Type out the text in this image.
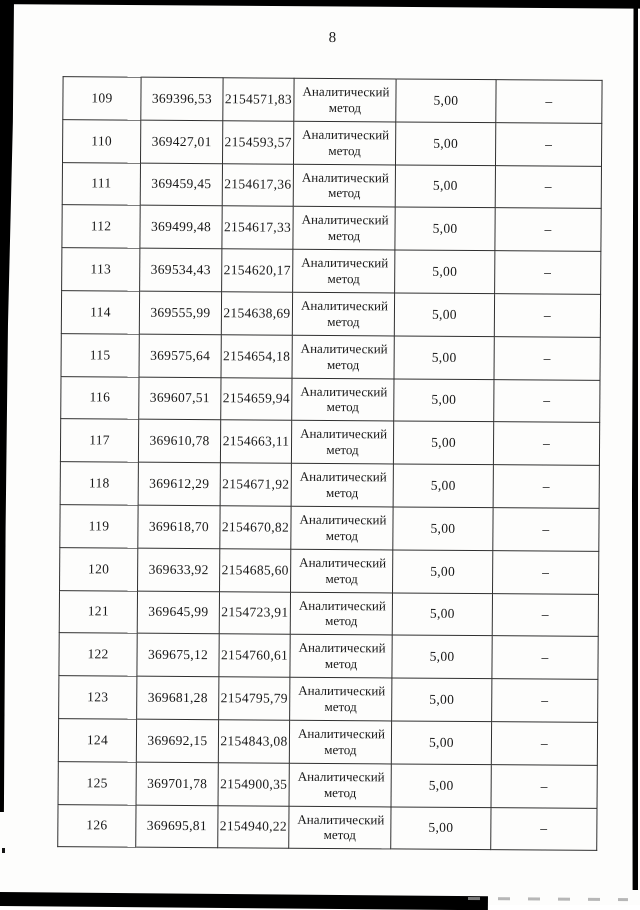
8
109	369396,53	2154571,83	Аналитический метод	5,00	–
110	369427,01	2154593,57	Аналитический метод	5,00	–
111	369459,45	2154617,36	Аналитический метод	5,00	–
112	369499,48	2154617,33	Аналитический метод	5,00	–
113	369534,43	2154620,17	Аналитический метод	5,00	–
114	369555,99	2154638,69	Аналитический метод	5,00	–
115	369575,64	2154654,18	Аналитический метод	5,00	–
116	369607,51	2154659,94	Аналитический метод	5,00	–
117	369610,78	2154663,11	Аналитический метод	5,00	–
118	369612,29	2154671,92	Аналитический метод	5,00	–
119	369618,70	2154670,82	Аналитический метод	5,00	–
120	369633,92	2154685,60	Аналитический метод	5,00	–
121	369645,99	2154723,91	Аналитический метод	5,00	–
122	369675,12	2154760,61	Аналитический метод	5,00	–
123	369681,28	2154795,79	Аналитический метод	5,00	–
124	369692,15	2154843,08	Аналитический метод	5,00	–
125	369701,78	2154900,35	Аналитический метод	5,00	–
126	369695,81	2154940,22	Аналитический метод	5,00	–
